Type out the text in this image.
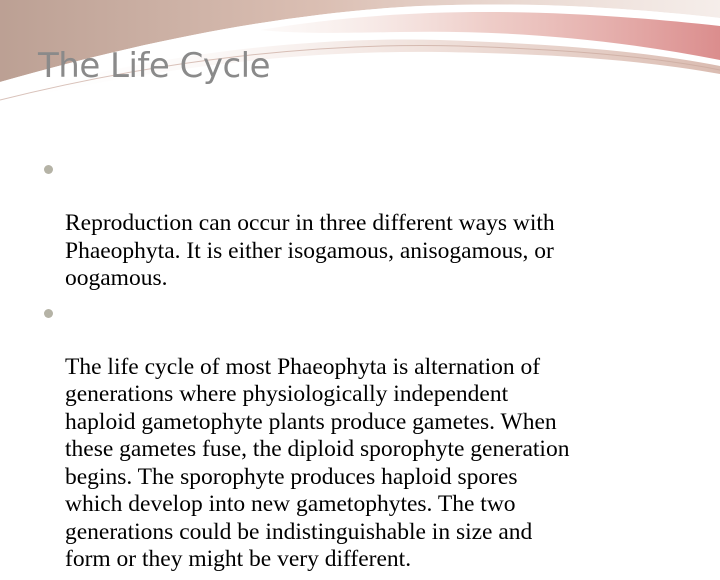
The Life Cycle

Reproduction can occur in three different ways with
Phaeophyta. It is either isogamous, anisogamous, or
oogamous.

The life cycle of most Phaeophyta is alternation of
generations where physiologically independent
haploid gametophyte plants produce gametes. When
these gametes fuse, the diploid sporophyte generation
begins. The sporophyte produces haploid spores
which develop into new gametophytes. The two
generations could be indistinguishable in size and
form or they might be very different.
